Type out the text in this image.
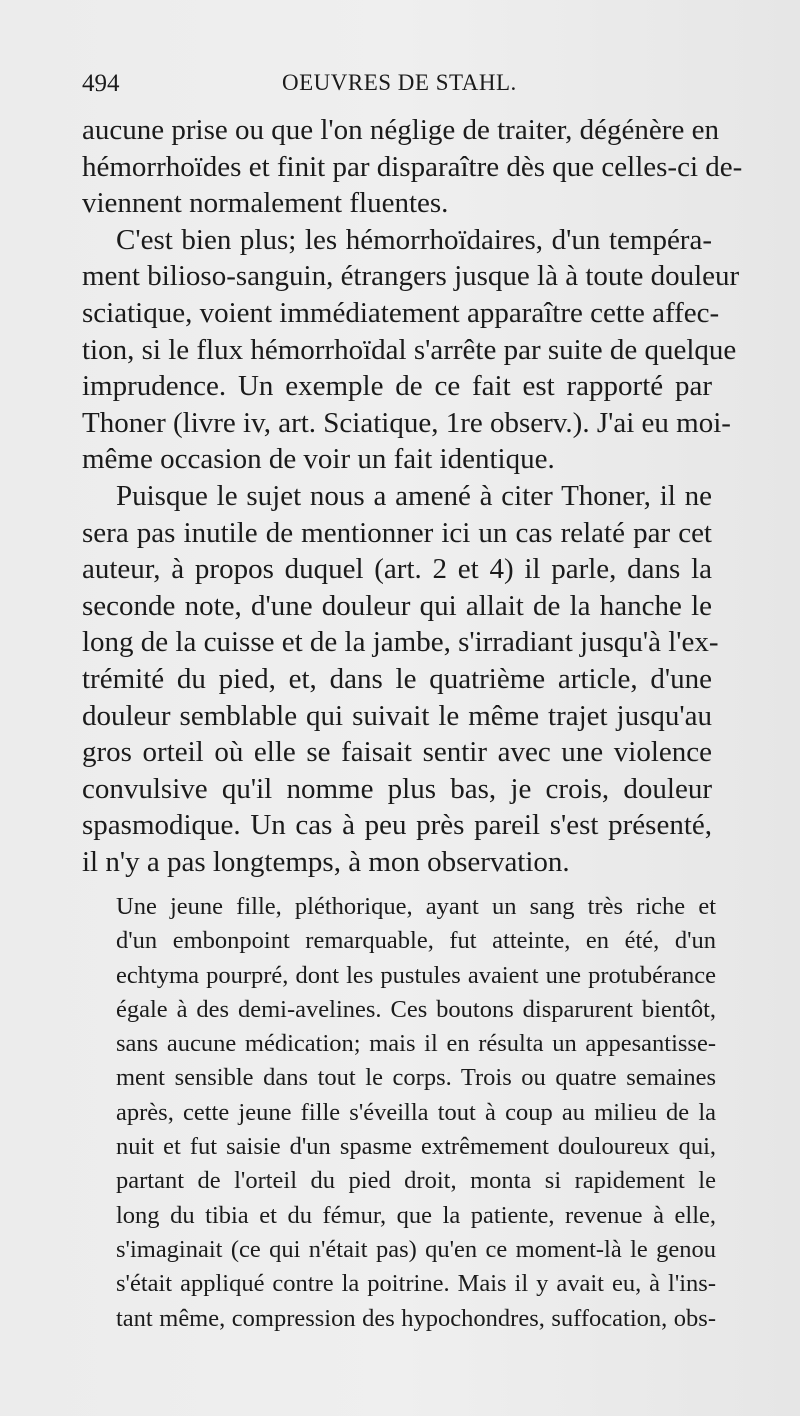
494	OEUVRES DE STAHL.
aucune prise ou que l'on néglige de traiter, dégénère en
hémorrhoïdes et finit par disparaître dès que celles-ci de-
viennent normalement fluentes.
C'est bien plus; les hémorrhoïdaires, d'un tempéra-
ment bilioso-sanguin, étrangers jusque là à toute douleur
sciatique, voient immédiatement apparaître cette affec-
tion, si le flux hémorrhoïdal s'arrête par suite de quelque
imprudence. Un exemple de ce fait est rapporté par
Thoner (livre iv, art. Sciatique, 1re observ.). J'ai eu moi-
même occasion de voir un fait identique.
Puisque le sujet nous a amené à citer Thoner, il ne
sera pas inutile de mentionner ici un cas relaté par cet
auteur, à propos duquel (art. 2 et 4) il parle, dans la
seconde note, d'une douleur qui allait de la hanche le
long de la cuisse et de la jambe, s'irradiant jusqu'à l'ex-
trémité du pied, et, dans le quatrième article, d'une
douleur semblable qui suivait le même trajet jusqu'au
gros orteil où elle se faisait sentir avec une violence
convulsive qu'il nomme plus bas, je crois, douleur
spasmodique. Un cas à peu près pareil s'est présenté,
il n'y a pas longtemps, à mon observation.
Une jeune fille, pléthorique, ayant un sang très riche et
d'un embonpoint remarquable, fut atteinte, en été, d'un
echtyma pourpré, dont les pustules avaient une protubérance
égale à des demi-avelines. Ces boutons disparurent bientôt,
sans aucune médication; mais il en résulta un appesantisse-
ment sensible dans tout le corps. Trois ou quatre semaines
après, cette jeune fille s'éveilla tout à coup au milieu de la
nuit et fut saisie d'un spasme extrêmement douloureux qui,
partant de l'orteil du pied droit, monta si rapidement le
long du tibia et du fémur, que la patiente, revenue à elle,
s'imaginait (ce qui n'était pas) qu'en ce moment-là le genou
s'était appliqué contre la poitrine. Mais il y avait eu, à l'ins-
tant même, compression des hypochondres, suffocation, obs-
